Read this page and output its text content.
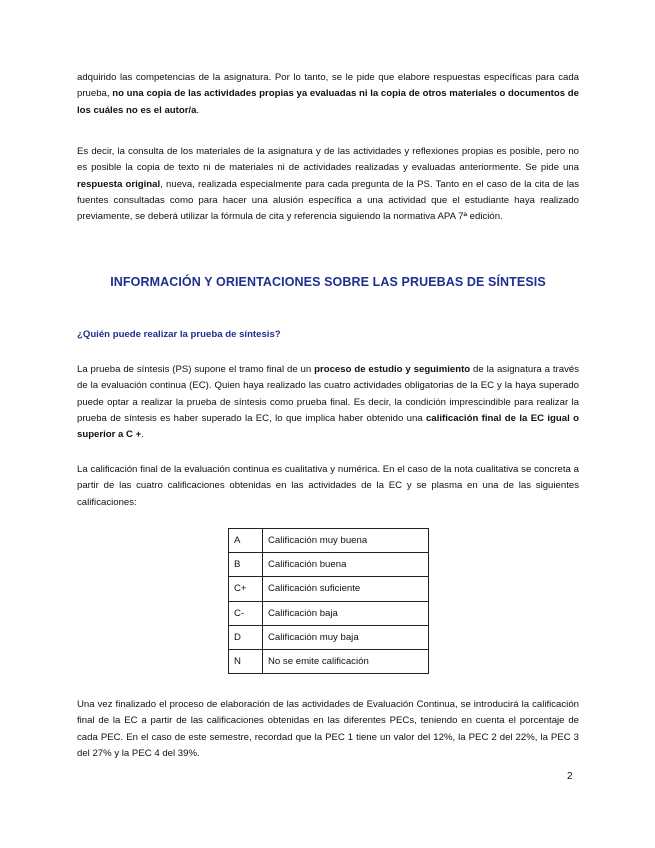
adquirido las competencias de la asignatura. Por lo tanto, se le pide que elabore respuestas específicas para cada prueba, no una copia de las actividades propias ya evaluadas ni la copia de otros materiales o documentos de los cuáles no es el autor/a.

Es decir, la consulta de los materiales de la asignatura y de las actividades y reflexiones propias es posible, pero no es posible la copia de texto ni de materiales ni de actividades realizadas y evaluadas anteriormente. Se pide una respuesta original, nueva, realizada especialmente para cada pregunta de la PS. Tanto en el caso de la cita de las fuentes consultadas como para hacer una alusión específica a una actividad que el estudiante haya realizado previamente, se deberá utilizar la fórmula de cita y referencia siguiendo la normativa APA 7ª edición.

INFORMACIÓN Y ORIENTACIONES SOBRE LAS PRUEBAS DE SÍNTESIS
¿Quién puede realizar la prueba de síntesis?

La prueba de síntesis (PS) supone el tramo final de un proceso de estudio y seguimiento de la asignatura a través de la evaluación continua (EC). Quien haya realizado las cuatro actividades obligatorias de la EC y la haya superado puede optar a realizar la prueba de síntesis como prueba final. Es decir, la condición imprescindible para realizar la prueba de síntesis es haber superado la EC, lo que implica haber obtenido una calificación final de la EC igual o superior a C +.

La calificación final de la evaluación continua es cualitativa y numérica. En el caso de la nota cualitativa se concreta a partir de las cuatro calificaciones obtenidas en las actividades de la EC y se plasma en una de las siguientes calificaciones:

A	Calificación muy buena
B	Calificación buena
C+	Calificación suficiente
C-	Calificación baja
D	Calificación muy baja
N	No se emite calificación

Una vez finalizado el proceso de elaboración de las actividades de Evaluación Continua, se introducirá la calificación final de la EC a partir de las calificaciones obtenidas en las diferentes PECs, teniendo en cuenta el porcentaje de cada PEC. En el caso de este semestre, recordad que la PEC 1 tiene un valor del 12%, la PEC 2 del 22%, la PEC 3 del 27% y la PEC 4 del 39%.

2
